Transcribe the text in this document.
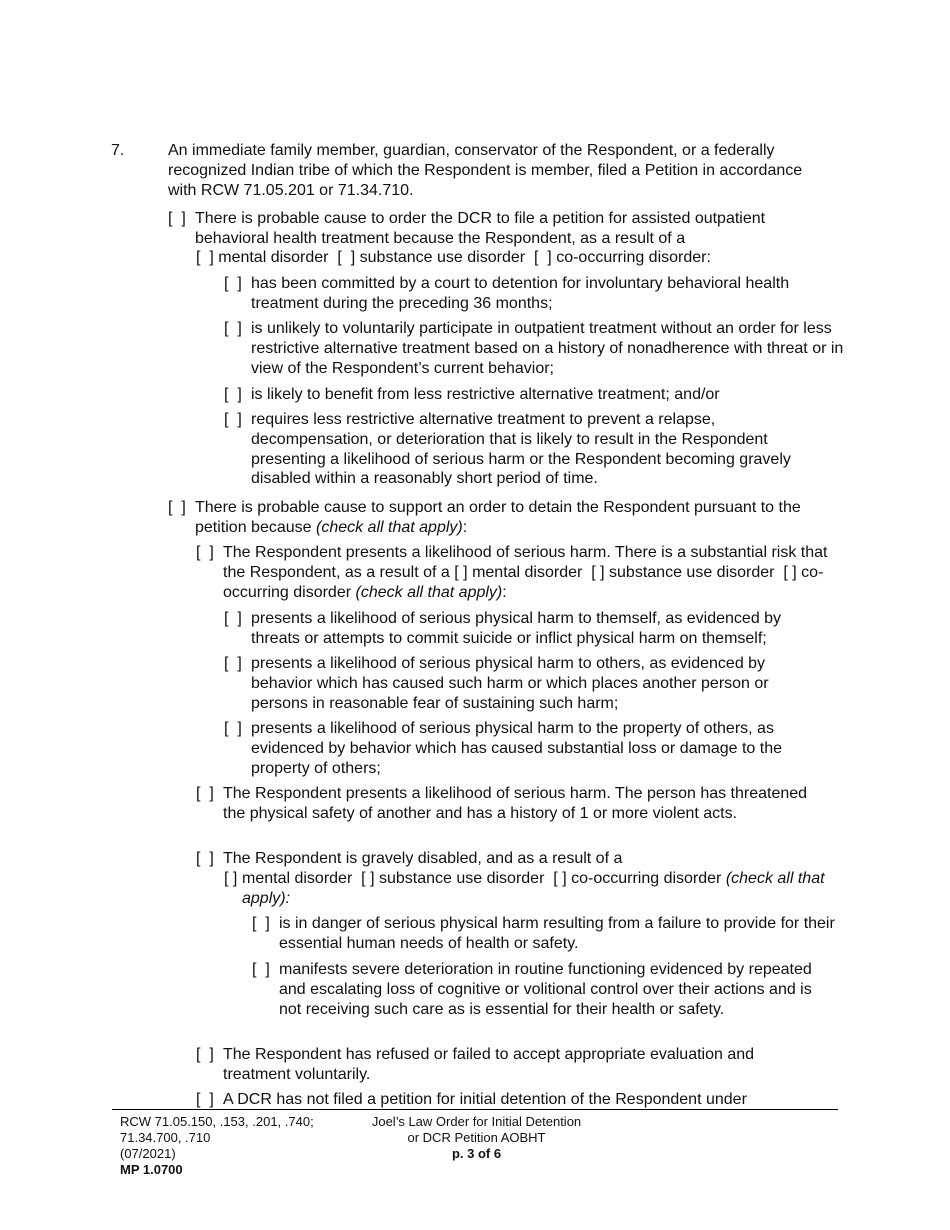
7.	An immediate family member, guardian, conservator of the Respondent, or a federally recognized Indian tribe of which the Respondent is member, filed a Petition in accordance with RCW 71.05.201 or 71.34.710.
[  ] There is probable cause to order the DCR to file a petition for assisted outpatient behavioral health treatment because the Respondent, as a result of a
[  ] mental disorder [  ] substance use disorder [  ] co-occurring disorder:
[  ] has been committed by a court to detention for involuntary behavioral health treatment during the preceding 36 months;
[  ] is unlikely to voluntarily participate in outpatient treatment without an order for less restrictive alternative treatment based on a history of nonadherence with threat or in view of the Respondent’s current behavior;
[  ] is likely to benefit from less restrictive alternative treatment; and/or
[  ] requires less restrictive alternative treatment to prevent a relapse, decompensation, or deterioration that is likely to result in the Respondent presenting a likelihood of serious harm or the Respondent becoming gravely disabled within a reasonably short period of time.
[  ] There is probable cause to support an order to detain the Respondent pursuant to the petition because (check all that apply):
[  ] The Respondent presents a likelihood of serious harm. There is a substantial risk that the Respondent, as a result of a [ ] mental disorder [ ] substance use disorder [ ] co-occurring disorder (check all that apply):
[  ] presents a likelihood of serious physical harm to themself, as evidenced by threats or attempts to commit suicide or inflict physical harm on themself;
[  ] presents a likelihood of serious physical harm to others, as evidenced by behavior which has caused such harm or which places another person or persons in reasonable fear of sustaining such harm;
[  ] presents a likelihood of serious physical harm to the property of others, as evidenced by behavior which has caused substantial loss or damage to the property of others;
[  ] The Respondent presents a likelihood of serious harm. The person has threatened the physical safety of another and has a history of 1 or more violent acts.
[  ] The Respondent is gravely disabled, and as a result of a
[ ] mental disorder [ ] substance use disorder [ ] co-occurring disorder (check all that apply):
[  ] is in danger of serious physical harm resulting from a failure to provide for their essential human needs of health or safety.
[  ] manifests severe deterioration in routine functioning evidenced by repeated and escalating loss of cognitive or volitional control over their actions and is not receiving such care as is essential for their health or safety.
[  ] The Respondent has refused or failed to accept appropriate evaluation and treatment voluntarily.
[  ] A DCR has not filed a petition for initial detention of the Respondent under
RCW 71.05.150, .153, .201, .740;
71.34.700, .710
(07/2021)
MP 1.0700
Joel’s Law Order for Initial Detention
or DCR Petition AOBHT
p. 3 of 6
